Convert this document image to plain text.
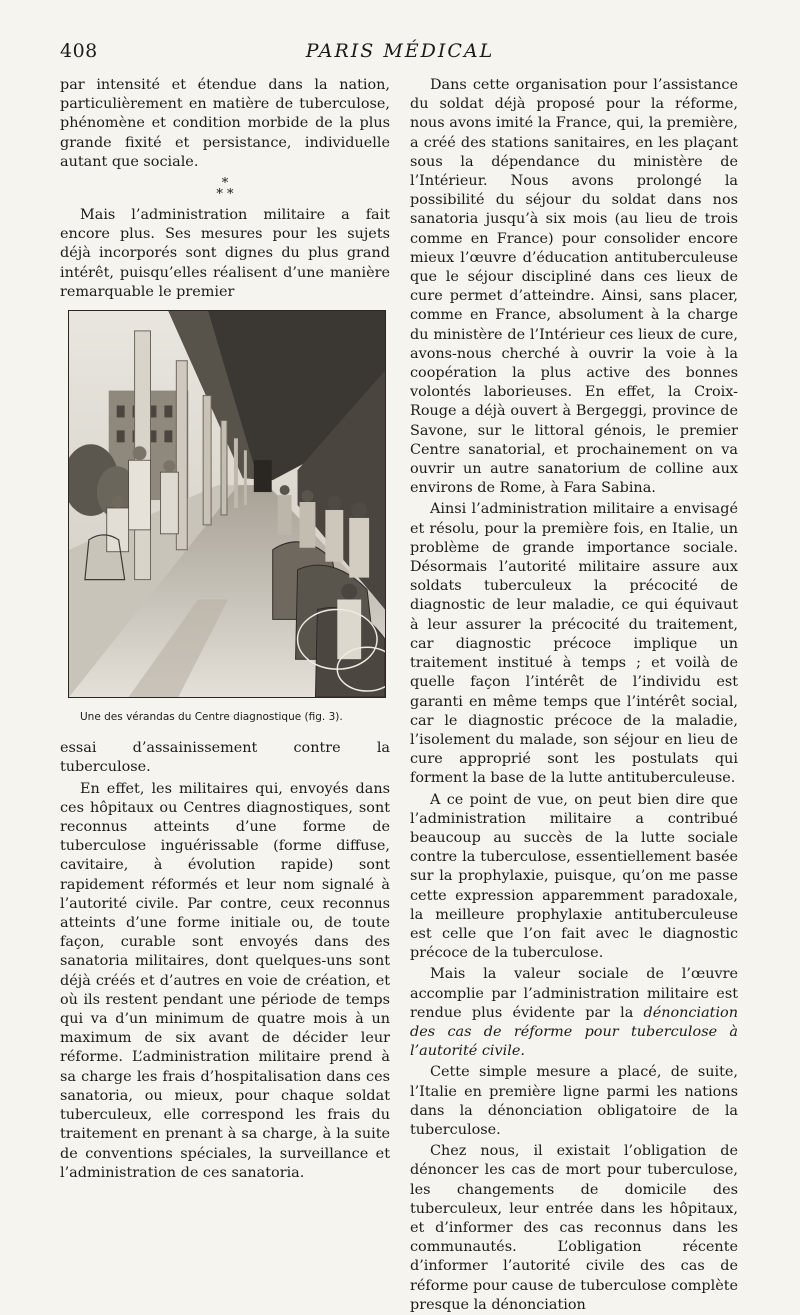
408	PARIS MÉDICAL

par intensité et étendue dans la nation, particulièrement en matière de tuberculose, phénomène et condition morbide de la plus grande fixité et persistance, individuelle autant que sociale.

*
* *

Mais l’administration militaire a fait encore plus. Ses mesures pour les sujets déjà incorporés sont dignes du plus grand intérêt, puisqu’elles réalisent d’une manière remarquable le premier

Une des vérandas du Centre diagnostique (fig. 3).

essai d’assainissement contre la tuberculose.

En effet, les militaires qui, envoyés dans ces hôpitaux ou Centres diagnostiques, sont reconnus atteints d’une forme de tuberculose inguérissable (forme diffuse, cavitaire, à évolution rapide) sont rapidement réformés et leur nom signalé à l’autorité civile. Par contre, ceux reconnus atteints d’une forme initiale ou, de toute façon, curable sont envoyés dans des sanatoria militaires, dont quelques-uns sont déjà créés et d’autres en voie de création, et où ils restent pendant une période de temps qui va d’un minimum de quatre mois à un maximum de six avant de décider leur réforme. L’administration militaire prend à sa charge les frais d’hospitalisation dans ces sanatoria, ou mieux, pour chaque soldat tuberculeux, elle correspond les frais du traitement en prenant à sa charge, à la suite de conventions spéciales, la surveillance et l’administration de ces sanatoria.

Dans cette organisation pour l’assistance du soldat déjà proposé pour la réforme, nous avons imité la France, qui, la première, a créé des stations sanitaires, en les plaçant sous la dépendance du ministère de l’Intérieur. Nous avons prolongé la possibilité du séjour du soldat dans nos sanatoria jusqu’à six mois (au lieu de trois comme en France) pour consolider encore mieux l’œuvre d’éducation antituberculeuse que le séjour discipliné dans ces lieux de cure permet d’atteindre. Ainsi, sans placer, comme en France, absolument à la charge du ministère de l’Intérieur ces lieux de cure, avons-nous cherché à ouvrir la voie à la coopération la plus active des bonnes volontés laborieuses. En effet, la Croix-Rouge a déjà ouvert à Bergeggi, province de Savone, sur le littoral génois, le premier Centre sanatorial, et prochainement on va ouvrir un autre sanatorium de colline aux environs de Rome, à Fara Sabina.

Ainsi l’administration militaire a envisagé et résolu, pour la première fois, en Italie, un problème de grande importance sociale. Désormais l’autorité militaire assure aux soldats tuberculeux la précocité de diagnostic de leur maladie, ce qui équivaut à leur assurer la précocité du traitement, car diagnostic précoce implique un traitement institué à temps ; et voilà de quelle façon l’intérêt de l’individu est garanti en même temps que l’intérêt social, car le diagnostic précoce de la maladie, l’isolement du malade, son séjour en lieu de cure approprié sont les postulats qui forment la base de la lutte antituberculeuse.

A ce point de vue, on peut bien dire que l’administration militaire a contribué beaucoup au succès de la lutte sociale contre la tuberculose, essentiellement basée sur la prophylaxie, puisque, qu’on me passe cette expression apparemment paradoxale, la meilleure prophylaxie antituberculeuse est celle que l’on fait avec le diagnostic précoce de la tuberculose.

Mais la valeur sociale de l’œuvre accomplie par l’administration militaire est rendue plus évidente par la dénonciation des cas de réforme pour tuberculose à l’autorité civile.

Cette simple mesure a placé, de suite, l’Italie en première ligne parmi les nations dans la dénonciation obligatoire de la tuberculose.

Chez nous, il existait l’obligation de dénoncer les cas de mort pour tuberculose, les changements de domicile des tuberculeux, leur entrée dans les hôpitaux, et d’informer des cas reconnus dans les communautés. L’obligation récente d’informer l’autorité civile des cas de réforme pour cause de tuberculose complète presque la dénonciation
